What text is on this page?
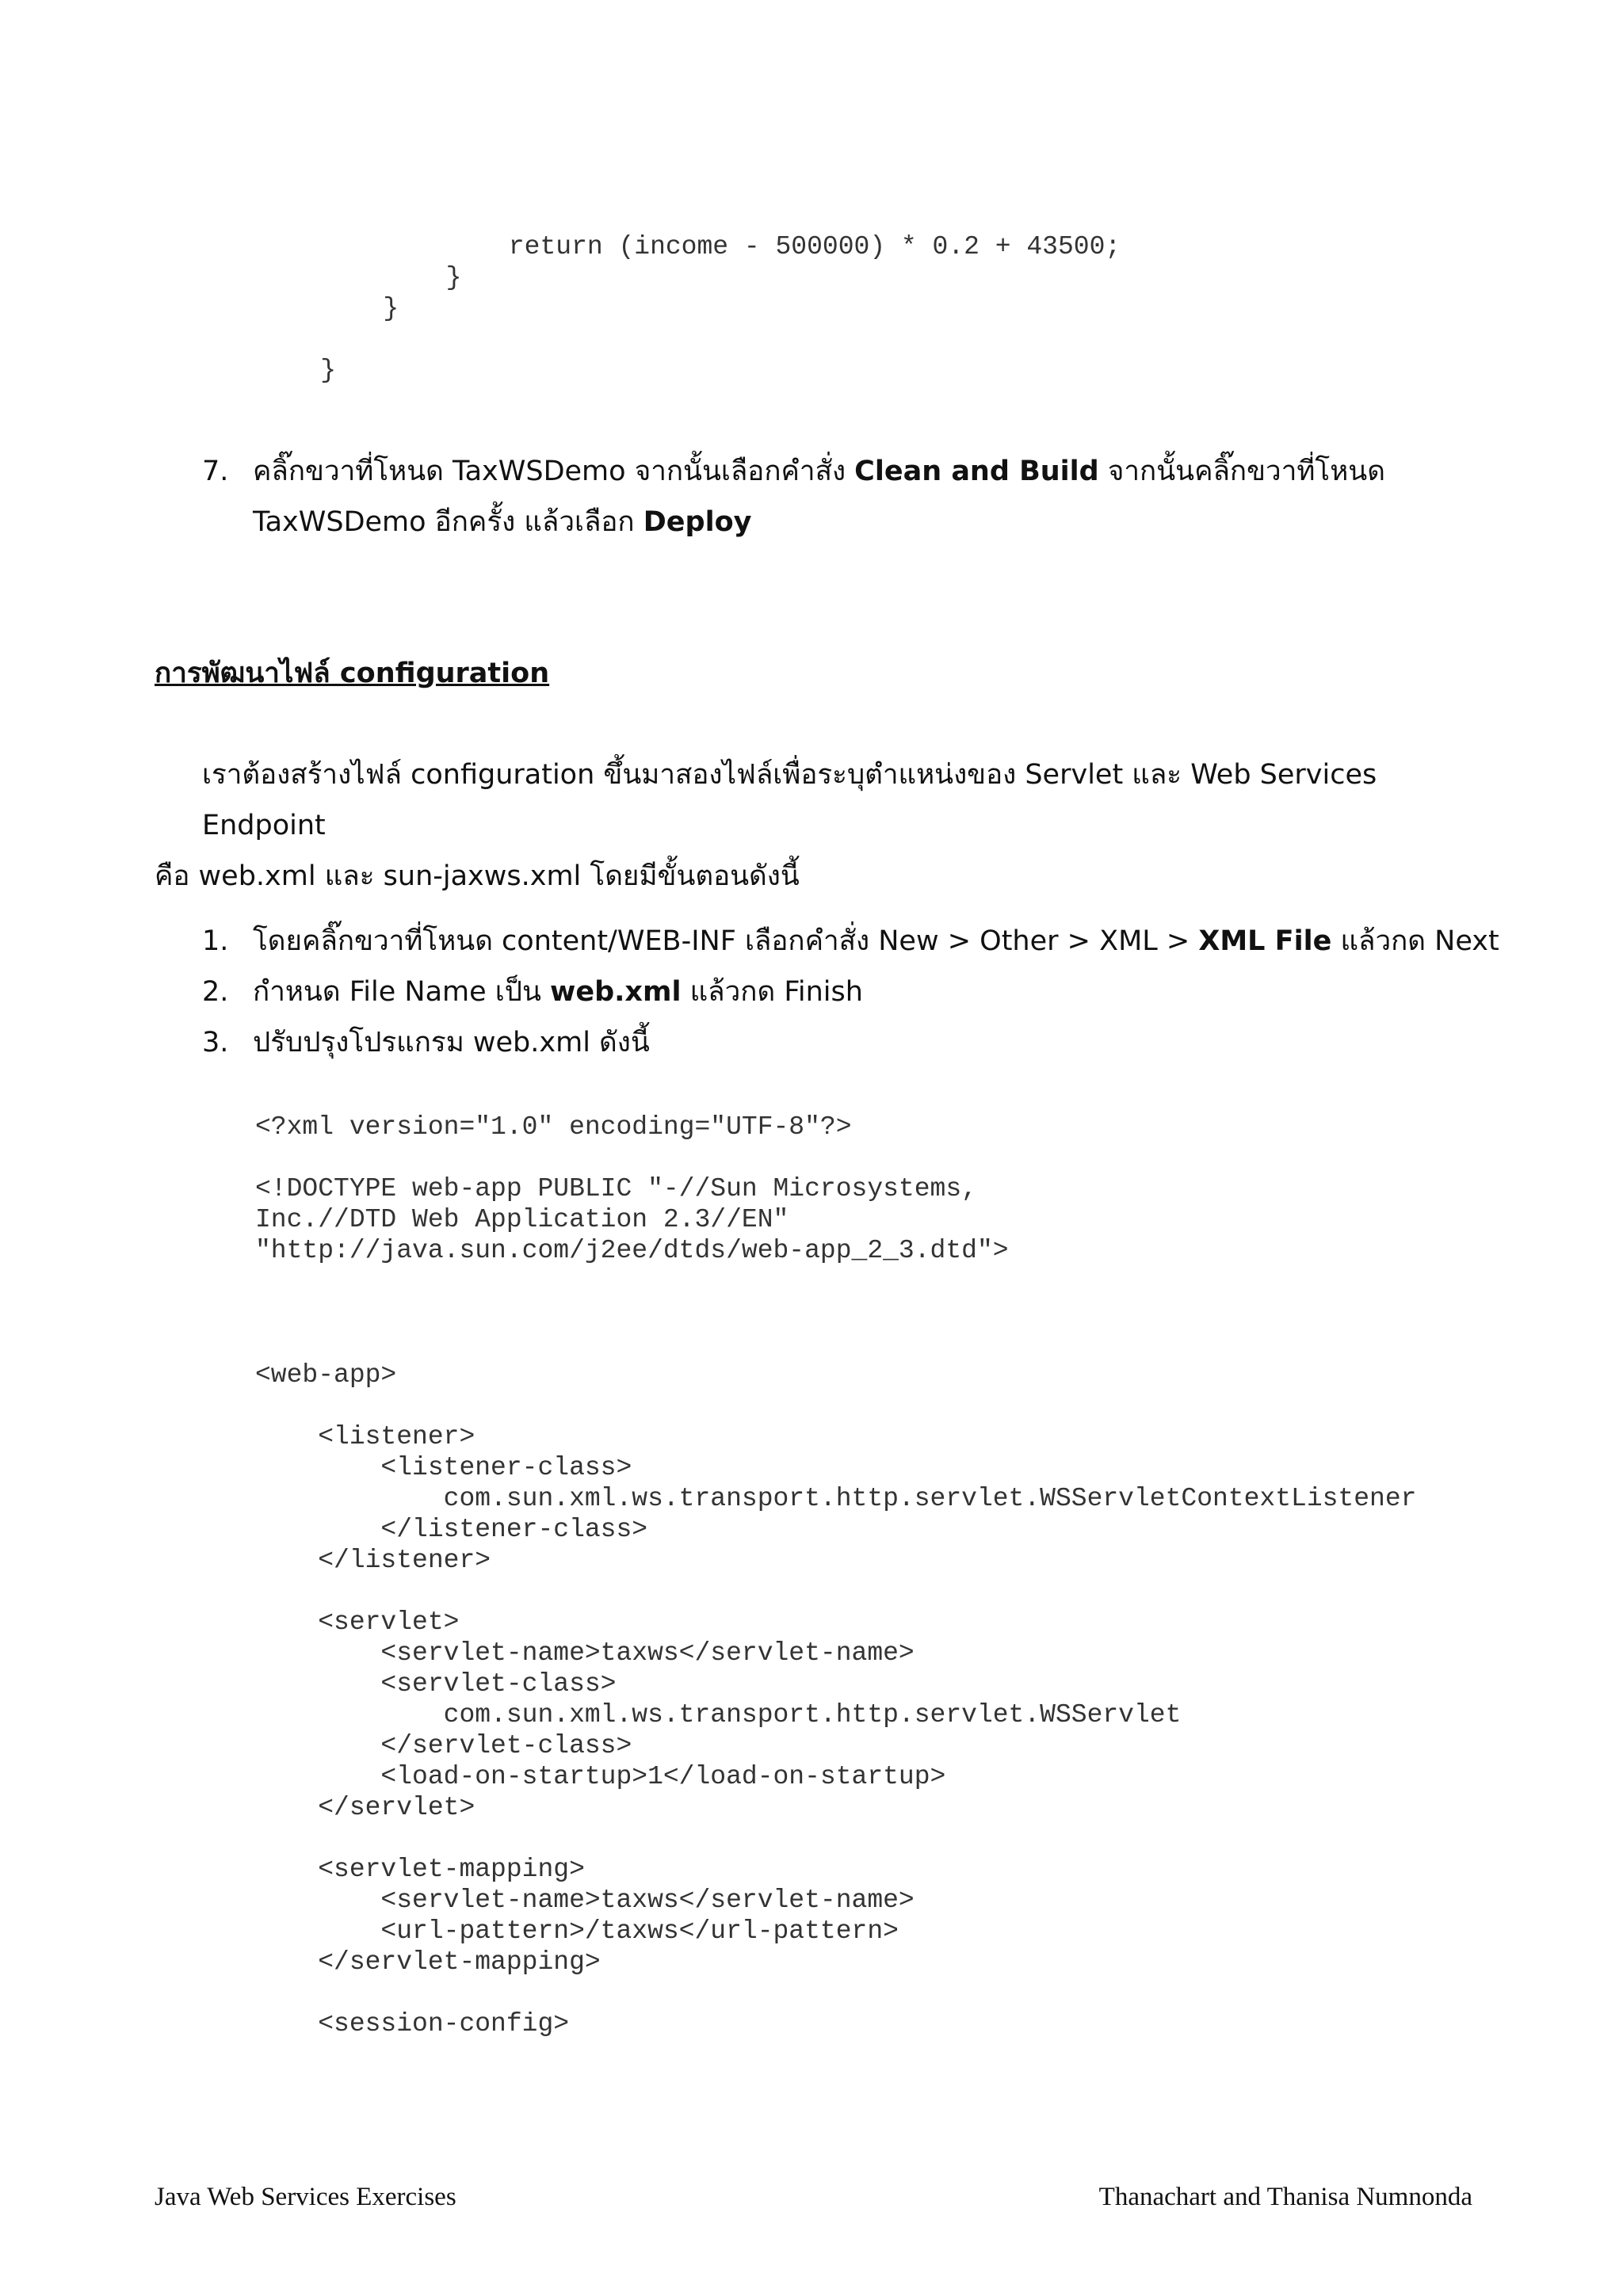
return (income - 500000) * 0.2 + 43500;
}
}

}
7. คลิ๊กขวาที่โหนด TaxWSDemo จากนั้นเลือกคำสั่ง Clean and Build จากนั้นคลิ๊กขวาที่โหนด
TaxWSDemo อีกครั้ง แล้วเลือก Deploy
การพัฒนาไฟล์ configuration
เราต้องสร้างไฟล์ configuration ขึ้นมาสองไฟล์เพื่อระบุตำแหน่งของ Servlet และ Web Services Endpoint
คือ web.xml และ sun-jaxws.xml โดยมีขั้นตอนดังนี้
1. โดยคลิ๊กขวาที่โหนด content/WEB-INF เลือกคำสั่ง New > Other > XML > XML File แล้วกด Next
2. กำหนด File Name เป็น web.xml แล้วกด Finish
3. ปรับปรุงโปรแกรม web.xml ดังนี้
<?xml version="1.0" encoding="UTF-8"?>

<!DOCTYPE web-app PUBLIC "-//Sun Microsystems,
Inc.//DTD Web Application 2.3//EN"
"http://java.sun.com/j2ee/dtds/web-app_2_3.dtd">
<web-app>

<listener>
<listener-class>
com.sun.xml.ws.transport.http.servlet.WSServletContextListener
</listener-class>
</listener>

<servlet>
<servlet-name>taxws</servlet-name>
<servlet-class>
com.sun.xml.ws.transport.http.servlet.WSServlet
</servlet-class>
<load-on-startup>1</load-on-startup>
</servlet>

<servlet-mapping>
<servlet-name>taxws</servlet-name>
<url-pattern>/taxws</url-pattern>
</servlet-mapping>

<session-config>
Java Web Services Exercises	Thanachart and Thanisa Numnonda
